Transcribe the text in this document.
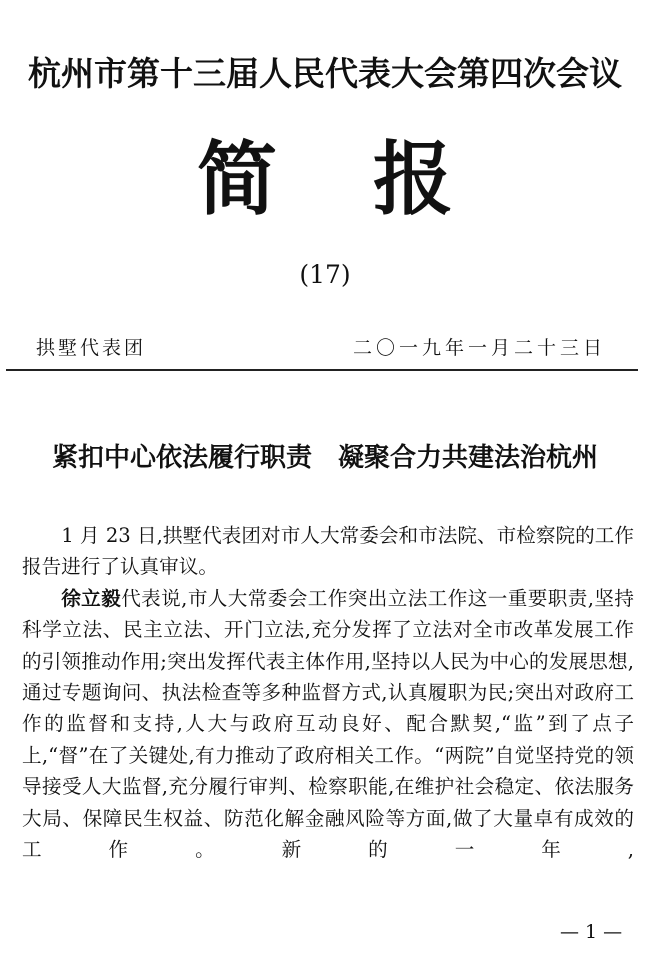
杭州市第十三届人民代表大会第四次会议
简 报
(17)
拱墅代表团	二〇一九年一月二十三日
紧扣中心依法履行职责 凝聚合力共建法治杭州

1 月 23 日,拱墅代表团对市人大常委会和市法院、市检察院的工作报告进行了认真审议。

徐立毅代表说,市人大常委会工作突出立法工作这一重要职责,坚持科学立法、民主立法、开门立法,充分发挥了立法对全市改革发展工作的引领推动作用;突出发挥代表主体作用,坚持以人民为中心的发展思想,通过专题询问、执法检查等多种监督方式,认真履职为民;突出对政府工作的监督和支持,人大与政府互动良好、配合默契,“监”到了点子上,“督”在了关键处,有力推动了政府相关工作。“两院”自觉坚持党的领导接受人大监督,充分履行审判、检察职能,在维护社会稳定、依法服务大局、保障民生权益、防范化解金融风险等方面,做了大量卓有成效的工作。新的一年,

— 1 —
